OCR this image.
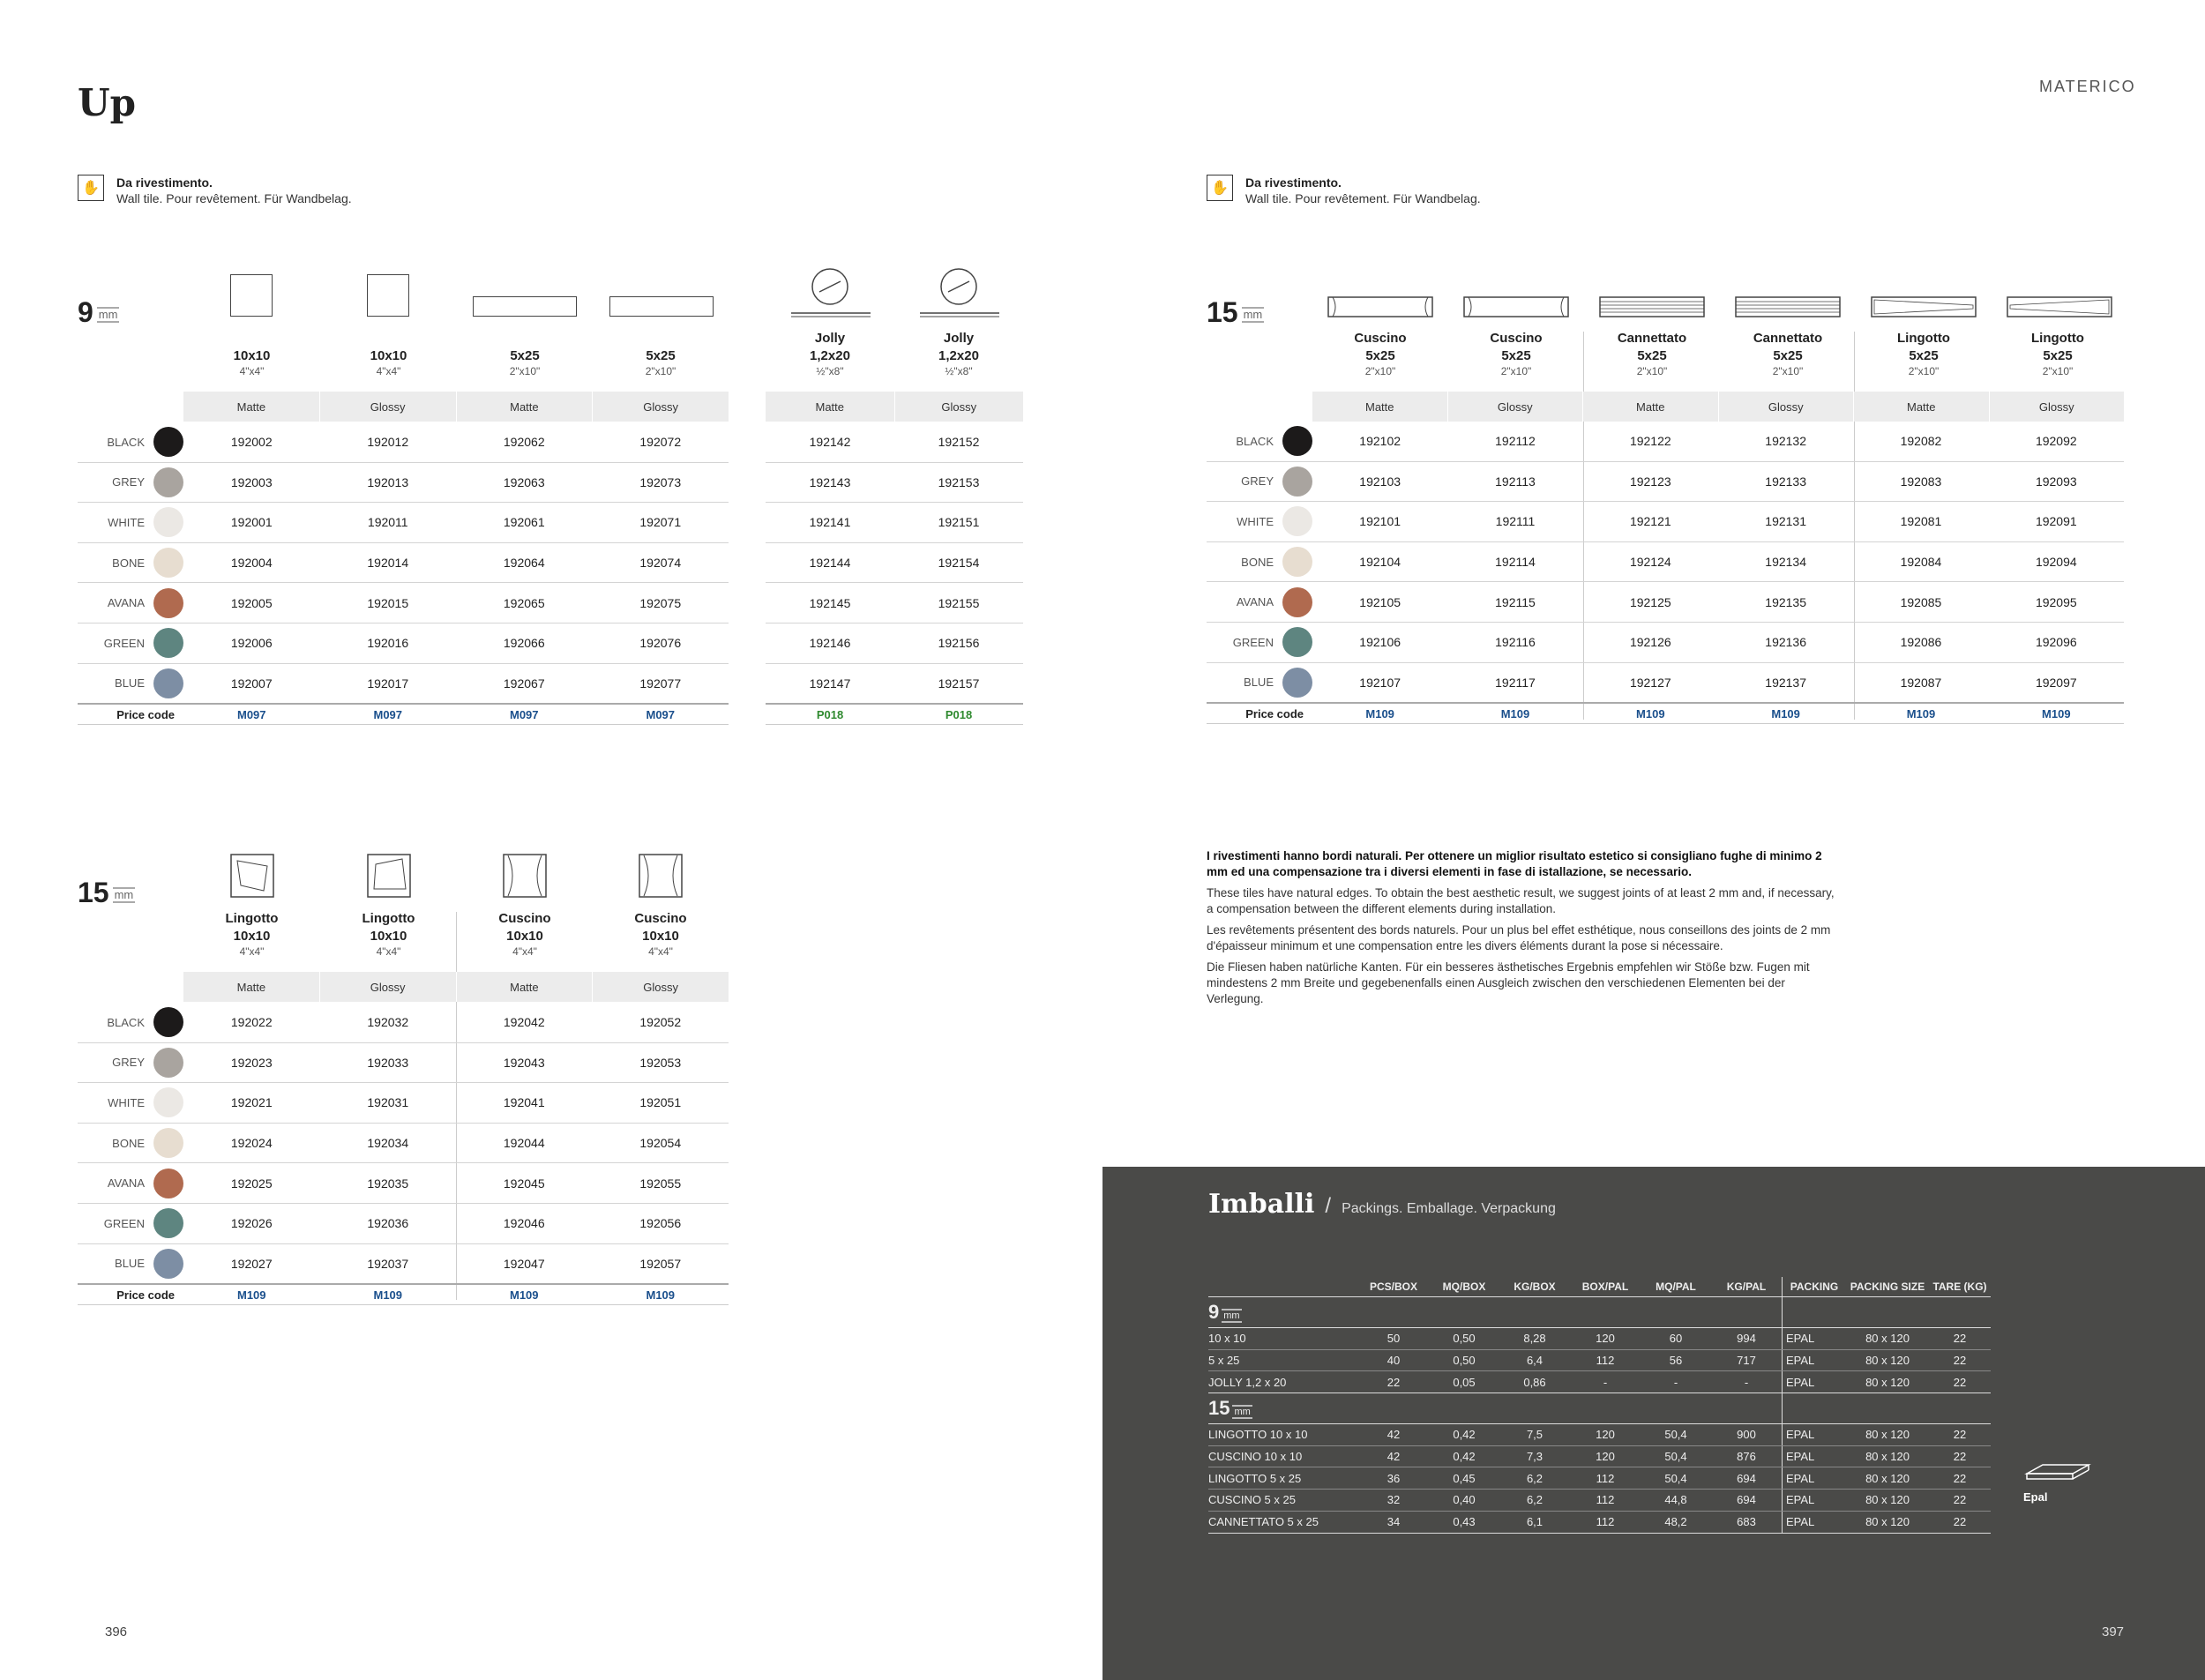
Up	MATERICO
✋	Da rivestimento.
Wall tile. Pour revêtement. Für Wandbelag.
✋	Da rivestimento.
Wall tile. Pour revêtement. Für Wandbelag.
9 mm	15 mm
15 mm
10x10
4"x4"
10x10
4"x4"
5x25
2"x10"
5x25
2"x10"
Matte	Glossy	Matte	Glossy
BLACK	192002	192012	192062	192072
GREY	192003	192013	192063	192073
WHITE	192001	192011	192061	192071
BONE	192004	192014	192064	192074
AVANA	192005	192015	192065	192075
GREEN	192006	192016	192066	192076
BLUE	192007	192017	192067	192077
Price code	M097	M097	M097	M097
Jolly
1,2x20
½"x8"
Jolly
1,2x20
½"x8"
Matte	Glossy
192142	192152
192143	192153
192141	192151
192144	192154
192145	192155
192146	192156
192147	192157
P018	P018
Lingotto
10x10
4"x4"
Lingotto
10x10
4"x4"
Cuscino
10x10
4"x4"
Cuscino
10x10
4"x4"
Matte	Glossy	Matte	Glossy
BLACK	192022	192032	192042	192052
GREY	192023	192033	192043	192053
WHITE	192021	192031	192041	192051
BONE	192024	192034	192044	192054
AVANA	192025	192035	192045	192055
GREEN	192026	192036	192046	192056
BLUE	192027	192037	192047	192057
Price code	M109	M109	M109	M109
Cuscino
5x25
2"x10"
Cuscino
5x25
2"x10"
Cannettato
5x25
2"x10"
Cannettato
5x25
2"x10"
Lingotto
5x25
2"x10"
Lingotto
5x25
2"x10"
Matte	Glossy	Matte	Glossy	Matte	Glossy
BLACK	192102	192112	192122	192132	192082	192092
GREY	192103	192113	192123	192133	192083	192093
WHITE	192101	192111	192121	192131	192081	192091
BONE	192104	192114	192124	192134	192084	192094
AVANA	192105	192115	192125	192135	192085	192095
GREEN	192106	192116	192126	192136	192086	192096
BLUE	192107	192117	192127	192137	192087	192097
Price code	M109	M109	M109	M109	M109	M109

I rivestimenti hanno bordi naturali. Per ottenere un miglior risultato estetico si consigliano fughe di minimo 2 mm ed una compensazione tra i diversi elementi in fase di istallazione, se necessario.

These tiles have natural edges. To obtain the best aesthetic result, we suggest joints of at least 2 mm and, if necessary, a compensation between the different elements during installation.

Les revêtements présentent des bords naturels. Pour un plus bel effet esthétique, nous conseillons des joints de 2 mm d'épaisseur minimum et une compensation entre les divers éléments durant la pose si nécessaire.

Die Fliesen haben natürliche Kanten. Für ein besseres ästhetisches Ergebnis empfehlen wir Stöße bzw. Fugen mit mindestens 2 mm Breite und gegebenenfalls einen Ausgleich zwischen den verschiedenen Elementen bei der Verlegung.

Imballi / Packings. Emballage. Verpackung
	PCS/BOX	MQ/BOX	KG/BOX	BOX/PAL	MQ/PAL	KG/PAL	PACKING	PACKING SIZE	TARE (KG)
9 mm									
10 x 10	50	0,50	8,28	120	60	994	EPAL	80 x 120	22
5 x 25	40	0,50	6,4	112	56	717	EPAL	80 x 120	22
JOLLY 1,2 x 20	22	0,05	0,86	-	-	-	EPAL	80 x 120	22
15 mm									
LINGOTTO 10 x 10	42	0,42	7,5	120	50,4	900	EPAL	80 x 120	22
CUSCINO 10 x 10	42	0,42	7,3	120	50,4	876	EPAL	80 x 120	22
LINGOTTO 5 x 25	36	0,45	6,2	112	50,4	694	EPAL	80 x 120	22
CUSCINO 5 x 25	32	0,40	6,2	112	44,8	694	EPAL	80 x 120	22
CANNETTATO 5 x 25	34	0,43	6,1	112	48,2	683	EPAL	80 x 120	22
Epal
396	397
